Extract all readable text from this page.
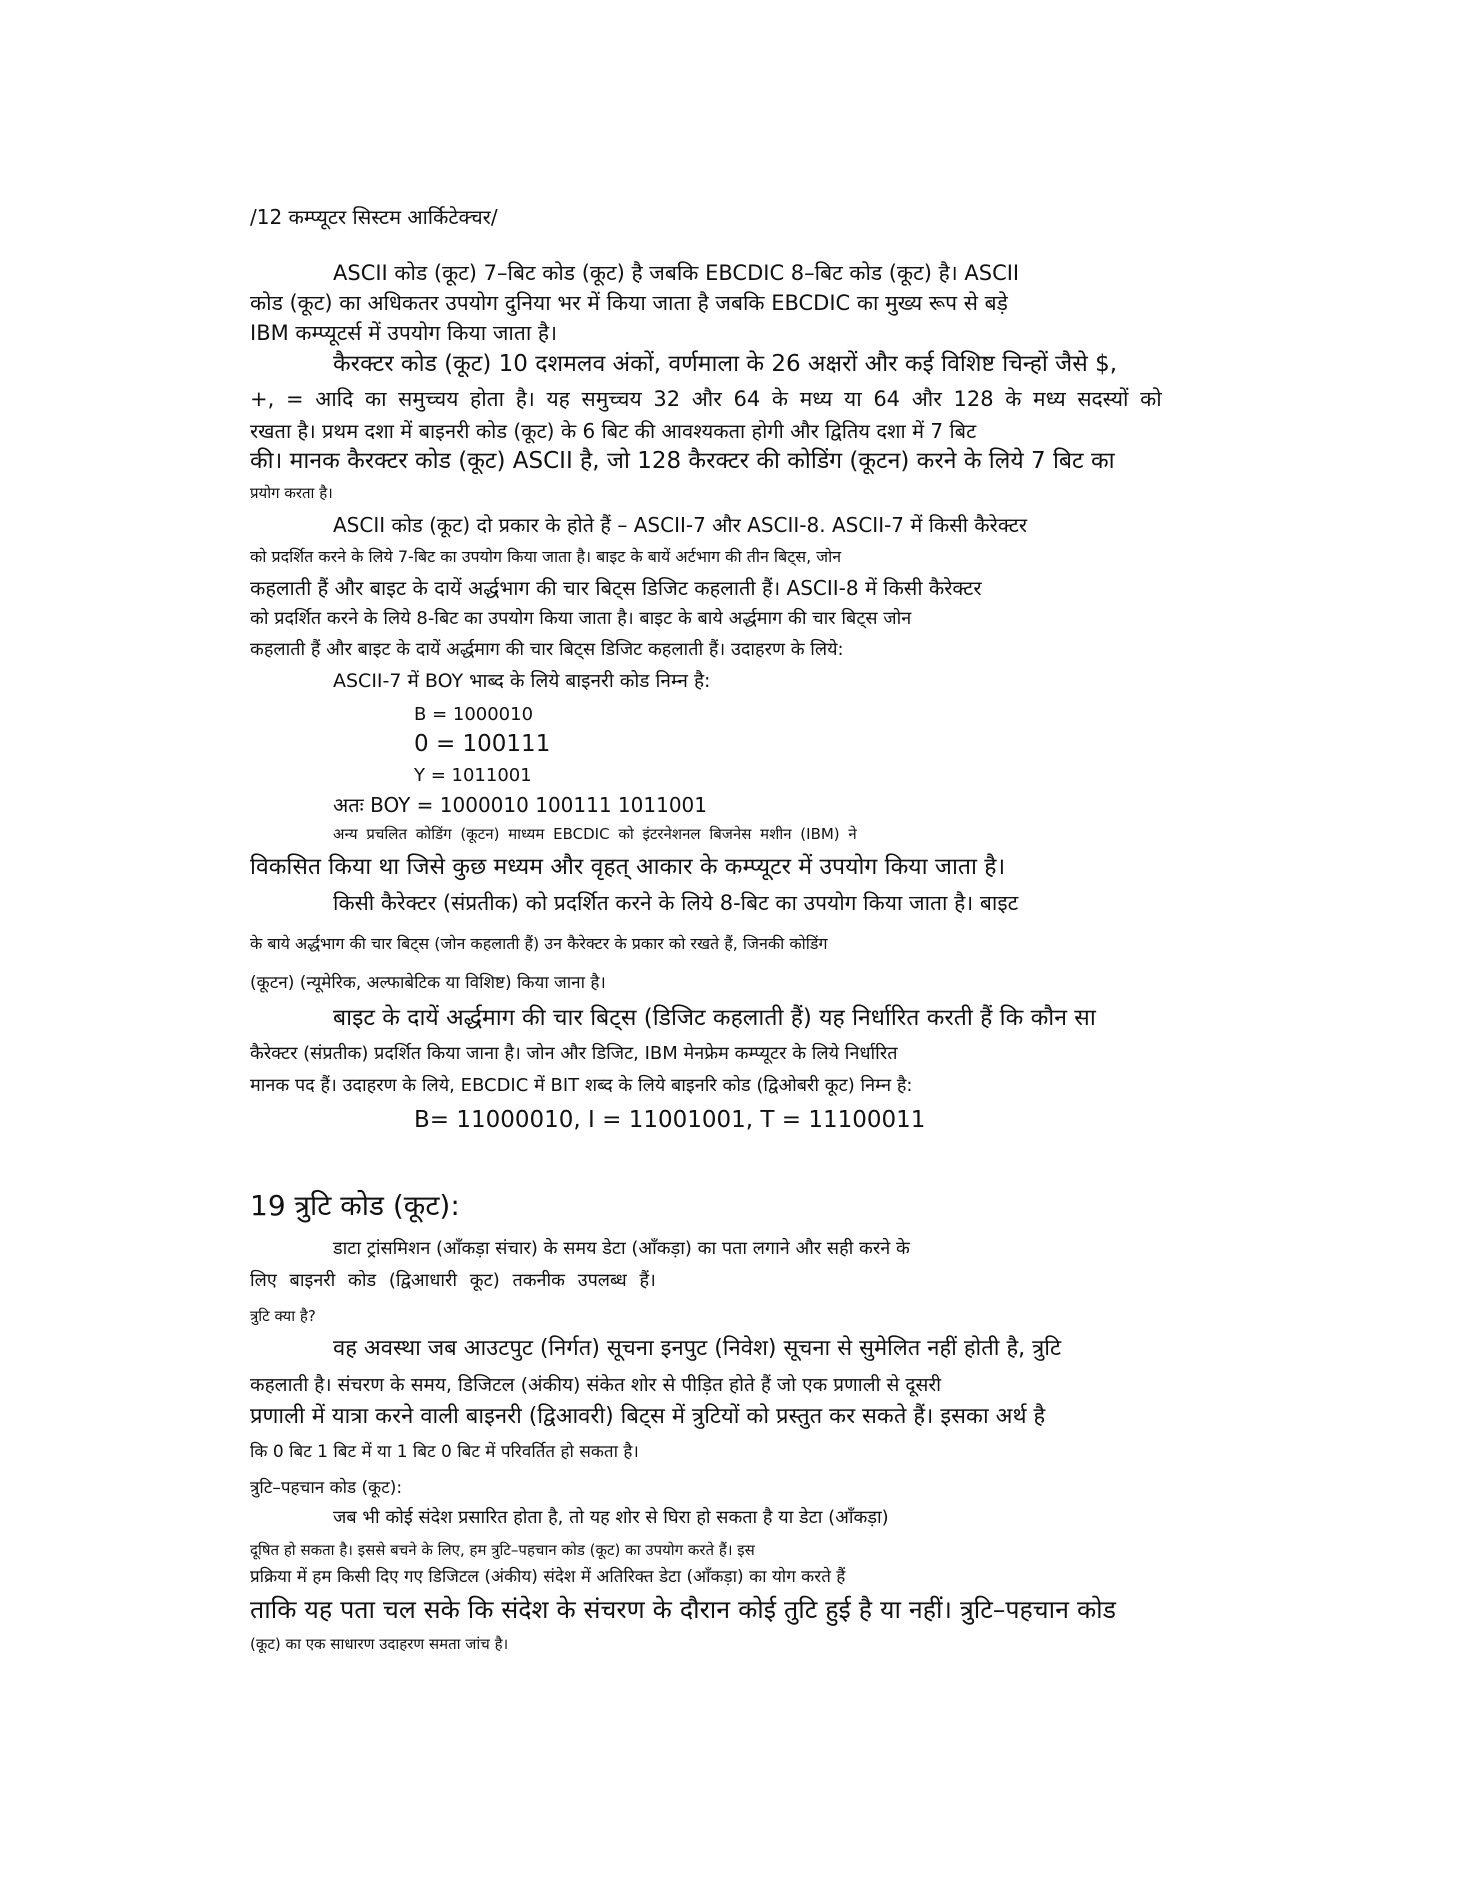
/12 कम्प्यूटर सिस्टम आर्किटेक्चर/
ASCII कोड (कूट) 7–बिट कोड (कूट) है जबकि EBCDIC 8–बिट कोड (कूट) है। ASCII
कोड (कूट) का अधिकतर उपयोग दुनिया भर में किया जाता है जबकि EBCDIC का मुख्य रूप से बड़े
IBM कम्प्यूटर्स में उपयोग किया जाता है।
कैरक्टर कोड (कूट) 10 दशमलव अंकों, वर्णमाला के 26 अक्षरों और कई विशिष्ट चिन्हों जैसे $,
+, = आदि का समुच्चय होता है। यह समुच्चय 32 और 64 के मध्य या 64 और 128 के मध्य सदस्यों को
रखता है। प्रथम दशा में बाइनरी कोड (कूट) के 6 बिट की आवश्यकता होगी और द्वितिय दशा में 7 बिट
की। मानक कैरक्टर कोड (कूट) ASCII है, जो 128 कैरक्टर की कोडिंग (कूटन) करने के लिये 7 बिट का
प्रयोग करता है।
ASCII कोड (कूट) दो प्रकार के होते हैं – ASCII-7 और ASCII-8. ASCII-7 में किसी कैरेक्टर
को प्रदर्शित करने के लिये 7-बिट का उपयोग किया जाता है। बाइट के बायें अर्टभाग की तीन बिट्स, जोन
कहलाती हैं और बाइट के दायें अर्द्धभाग की चार बिट्स डिजिट कहलाती हैं। ASCII-8 में किसी कैरेक्टर
को प्रदर्शित करने के लिये 8-बिट का उपयोग किया जाता है। बाइट के बाये अर्द्धमाग की चार बिट्स जोन
कहलाती हैं और बाइट के दायें अर्द्धमाग की चार बिट्स डिजिट कहलाती हैं। उदाहरण के लिये:
ASCII-7 में BOY भाब्द के लिये बाइनरी कोड निम्न है:
B = 1000010
0 = 100111
Y = 1011001
अतः BOY = 1000010 100111 1011001
अन्य प्रचलित कोडिंग (कूटन) माध्यम EBCDIC को इंटरनेशनल बिजनेस मशीन (IBM) ने
विकसित किया था जिसे कुछ मध्यम और वृहत् आकार के कम्प्यूटर में उपयोग किया जाता है।
किसी कैरेक्टर (संप्रतीक) को प्रदर्शित करने के लिये 8-बिट का उपयोग किया जाता है। बाइट
के बाये अर्द्धभाग की चार बिट्स (जोन कहलाती हैं) उन कैरेक्टर के प्रकार को रखते हैं, जिनकी कोडिंग
(कूटन) (न्यूमेरिक, अल्फाबेटिक या विशिष्ट) किया जाना है।
बाइट के दायें अर्द्धमाग की चार बिट्स (डिजिट कहलाती हैं) यह निर्धारित करती हैं कि कौन सा
कैरेक्टर (संप्रतीक) प्रदर्शित किया जाना है। जोन और डिजिट, IBM मेनफ्रेम कम्प्यूटर के लिये निर्धारित
मानक पद हैं। उदाहरण के लिये, EBCDIC में BIT शब्द के लिये बाइनरि कोड (द्विओबरी कूट) निम्न है:
B= 11000010, I = 11001001, T = 11100011
19 त्रुटि कोड (कूट):
डाटा ट्रांसमिशन (आँकड़ा संचार) के समय डेटा (आँकड़ा) का पता लगाने और सही करने के
लिए बाइनरी कोड (द्विआधारी कूट) तकनीक उपलब्ध हैं।
त्रुटि क्या है?
वह अवस्था जब आउटपुट (निर्गत) सूचना इनपुट (निवेश) सूचना से सुमेलित नहीं होती है, त्रुटि
कहलाती है। संचरण के समय, डिजिटल (अंकीय) संकेत शोर से पीड़ित होते हैं जो एक प्रणाली से दूसरी
प्रणाली में यात्रा करने वाली बाइनरी (द्विआवरी) बिट्स में त्रुटियों को प्रस्तुत कर सकते हैं। इसका अर्थ है
कि 0 बिट 1 बिट में या 1 बिट 0 बिट में परिवर्तित हो सकता है।
त्रुटि–पहचान कोड (कूट):
जब भी कोई संदेश प्रसारित होता है, तो यह शोर से घिरा हो सकता है या डेटा (आँकड़ा)
दूषित हो सकता है। इससे बचने के लिए, हम त्रुटि–पहचान कोड (कूट) का उपयोग करते हैं। इस
प्रक्रिया में हम किसी दिए गए डिजिटल (अंकीय) संदेश में अतिरिक्त डेटा (आँकड़ा) का योग करते हैं
ताकि यह पता चल सके कि संदेश के संचरण के दौरान कोई तुटि हुई है या नहीं। त्रुटि–पहचान कोड
(कूट) का एक साधारण उदाहरण समता जांच है।
